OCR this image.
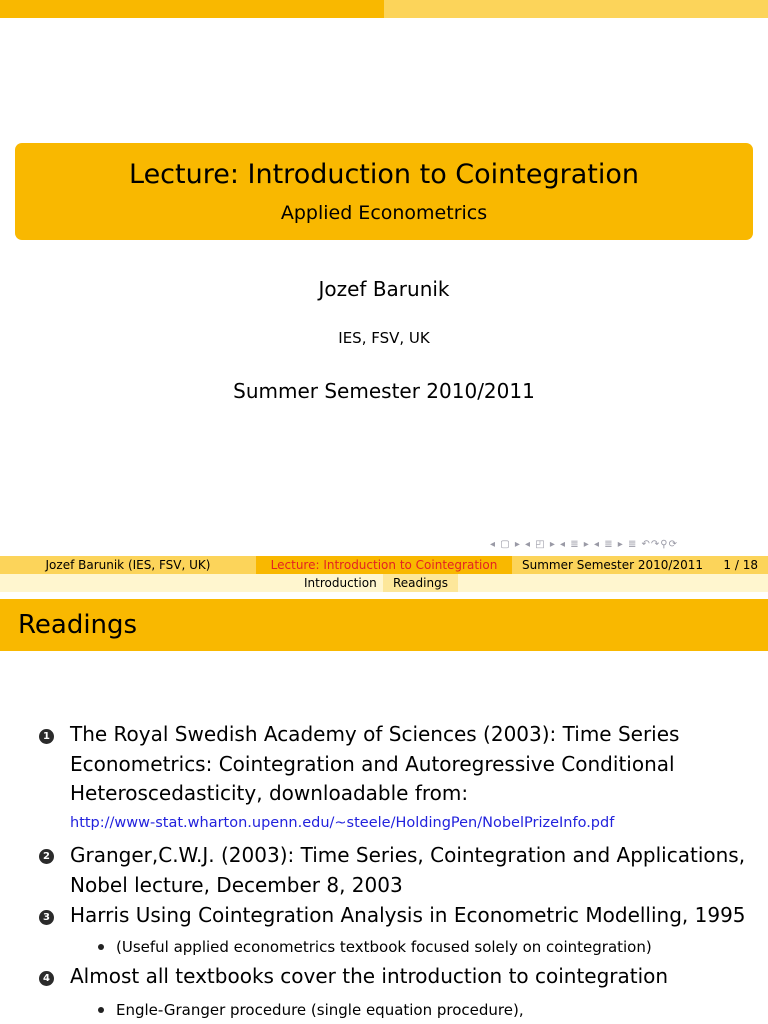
Lecture: Introduction to Cointegration
Applied Econometrics
Jozef Barunik
IES, FSV, UK
Summer Semester 2010/2011
◂ ▢ ▸ ◂ ◰ ▸ ◂ ≣ ▸ ◂ ≣ ▸ ≣ ↶↷⚲⟳
Jozef Barunik (IES, FSV, UK)	Lecture: Introduction to Cointegration	Summer Semester 2010/2011 1 / 18
Introduction	Readings
Readings
1 The Royal Swedish Academy of Sciences (2003): Time Series
Econometrics: Cointegration and Autoregressive Conditional
Heteroscedasticity, downloadable from:
http://www-stat.wharton.upenn.edu/~steele/HoldingPen/NobelPrizeInfo.pdf
2 Granger,C.W.J. (2003): Time Series, Cointegration and Applications,
Nobel lecture, December 8, 2003
3 Harris Using Cointegration Analysis in Econometric Modelling, 1995
(Useful applied econometrics textbook focused solely on cointegration)
4 Almost all textbooks cover the introduction to cointegration
Engle-Granger procedure (single equation procedure),
